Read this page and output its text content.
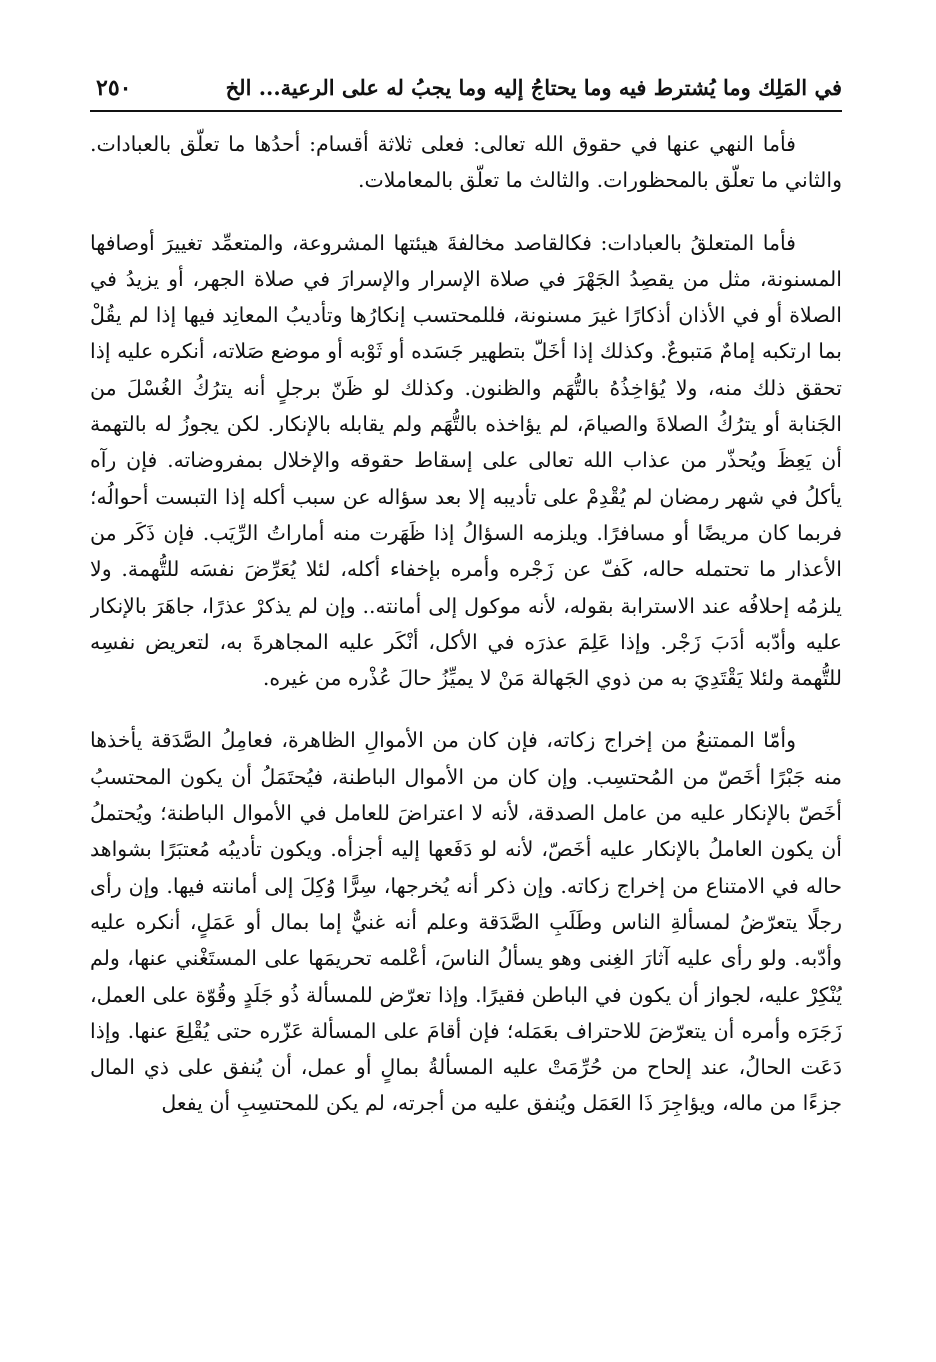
في المَلِك وما يُشترط فيه وما يحتاجُ إليه وما يجبُ له على الرعية... الخ
٢٥٠

فأما النهي عنها في حقوق الله تعالى: فعلى ثلاثة أقسام: أحدُها ما تعلّق بالعبادات. والثاني ما تعلّق بالمحظورات. والثالث ما تعلّق بالمعاملات.

فأما المتعلقُ بالعبادات: فكالقاصد مخالفةَ هيئتها المشروعة، والمتعمِّد تغييرَ أوصافها المسنونة، مثل من يقصِدُ الجَهْرَ في صلاة الإسرار والإسرارَ في صلاة الجهر، أو يزيدُ في الصلاة أو في الأذان أذكارًا غيرَ مسنونة، فللمحتسب إنكارُها وتأديبُ المعانِد فيها إذا لم يقُلْ بما ارتكبه إمامٌ مَتبوعٌ. وكذلك إذا أخَلّ بتطهير جَسَده أو ثَوْبه أو موضع صَلاته، أنكره عليه إذا تحقق ذلك منه، ولا يُؤاخِذُهُ بالتُّهَم والظنون. وكذلك لو ظَنّ برجلٍ أنه يترُكُ الغُسْلَ من الجَنابة أو يترُكُ الصلاةَ والصيامَ، لم يؤاخذه بالتُّهَم ولم يقابله بالإنكار. لكن يجوزُ له بالتهمة أن يَعِظَ ويُحذّر من عذاب الله تعالى على إسقاط حقوقه والإخلال بمفروضاته. فإن رآه يأكلُ في شهر رمضان لم يُقْدِمْ على تأديبه إلا بعد سؤاله عن سبب أكله إذا التبست أحوالُه؛ فربما كان مريضًا أو مسافرًا. ويلزمه السؤالُ إذا ظَهَرت منه أماراتُ الرِّيَب. فإن ذَكَر من الأعذار ما تحتمله حاله، كَفّ عن زَجْره وأمره بإخفاء أكله، لئلا يُعَرِّضَ نفسَه للتُّهمة. ولا يلزمُه إحلافُه عند الاسترابة بقوله، لأنه موكول إلى أمانته.. وإن لم يذكرْ عذرًا، جاهَرَ بالإنكار عليه وأدّبه أدَبَ زَجْر. وإذا عَلِمَ عذرَه في الأكل، أنْكَر عليه المجاهرةَ به، لتعريض نفسِه للتُّهمة ولئلا يَقْتَدِيَ به من ذوي الجَهالة مَنْ لا يميِّزُ حالَ عُذْره من غيره.

وأمّا الممتنعُ من إخراج زكاته، فإن كان من الأموالِ الظاهرة، فعامِلُ الصَّدَقة يأخذها منه جَبْرًا أخَصّ من المُحتسِب. وإن كان من الأموال الباطنة، فيُحتَمَلُ أن يكون المحتسبُ أخَصّ بالإنكار عليه من عامل الصدقة، لأنه لا اعتراضَ للعامل في الأموال الباطنة؛ ويُحتملُ أن يكون العاملُ بالإنكار عليه أخَصّ، لأنه لو دَفَعها إليه أجزأه. ويكون تأديبُه مُعتبَرًا بشواهد حاله في الامتناع من إخراج زكاته. وإن ذكر أنه يُخرجها، سِرًّا وُكِلَ إلى أمانته فيها. وإن رأى رجلًا يتعرّضُ لمسألةِ الناس وطَلَبِ الصَّدَقة وعلم أنه غنيٌّ إما بمال أو عَمَلٍ، أنكره عليه وأدّبه. ولو رأى عليه آثارَ الغِنى وهو يسألُ الناسَ، أعْلمه تحريمَها على المستَغْني عنها، ولم يُنْكِرْ عليه، لجواز أن يكون في الباطن فقيرًا. وإذا تعرّض للمسألة ذُو جَلَدٍ وقُوّة على العمل، زَجَرَه وأمره أن يتعرّضَ للاحتراف بعَمَله؛ فإن أقامَ على المسألة عَزّره حتى يُقْلِعَ عنها. وإذا دَعَت الحالُ، عند إلحاح من حُرِّمَتْ عليه المسألةُ بمالٍ أو عمل، أن يُنفق على ذي المال جزءًا من ماله، ويؤاجِرَ ذَا العَمَل ويُنفق عليه من أجرته، لم يكن للمحتسِبِ أن يفعل
